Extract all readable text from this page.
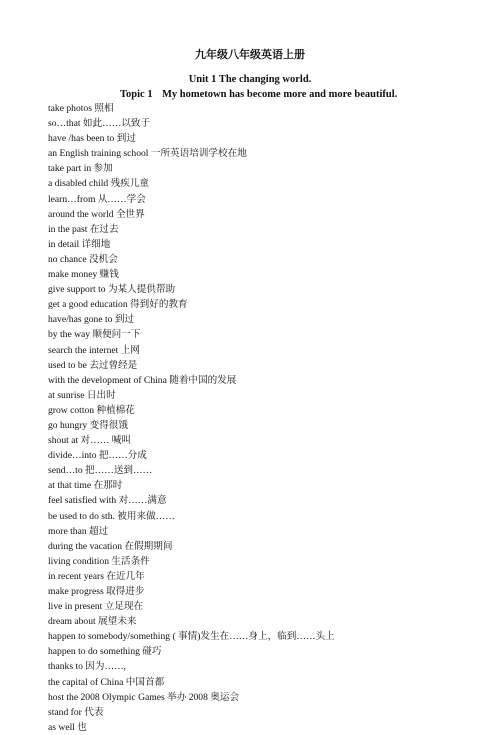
九年级八年级英语上册
Unit 1 The changing world.
Topic 1 My hometown has become more and more beautiful.
take photos 照相
so…that 如此……以致于
have /has been to 到过
an English training school 一所英语培训学校在地
take part in 参加
a disabled child 残疾儿童
learn…from 从……学会
around the world 全世界
in the past 在过去
in detail 详细地
no chance 没机会
make money 赚钱
give support to 为某人提供帮助
get a good education 得到好的教育
have/has gone to 到过
by the way 顺便问一下
search the internet 上网
used to be 去过曾经是
with the development of China 随着中国的发展
at sunrise 日出时
grow cotton 种植棉花
go hungry 变得很饿
shout at 对…… 喊叫
divide…into 把……分成
send…to 把……送到……
at that time 在那时
feel satisfied with 对……满意
be used to do sth. 被用来做……
more than 超过
during the vacation 在假期期间
living condition 生活条件
in recent years 在近几年
make progress 取得进步
live in present 立足现在
dream about 展望未来
happen to somebody/something ( 事情)发生在……身上，临到……头上
happen to do something 碰巧
thanks to 因为……,
the capital of China 中国首都
host the 2008 Olympic Games 举办 2008 奥运会
stand for 代表
as well 也
